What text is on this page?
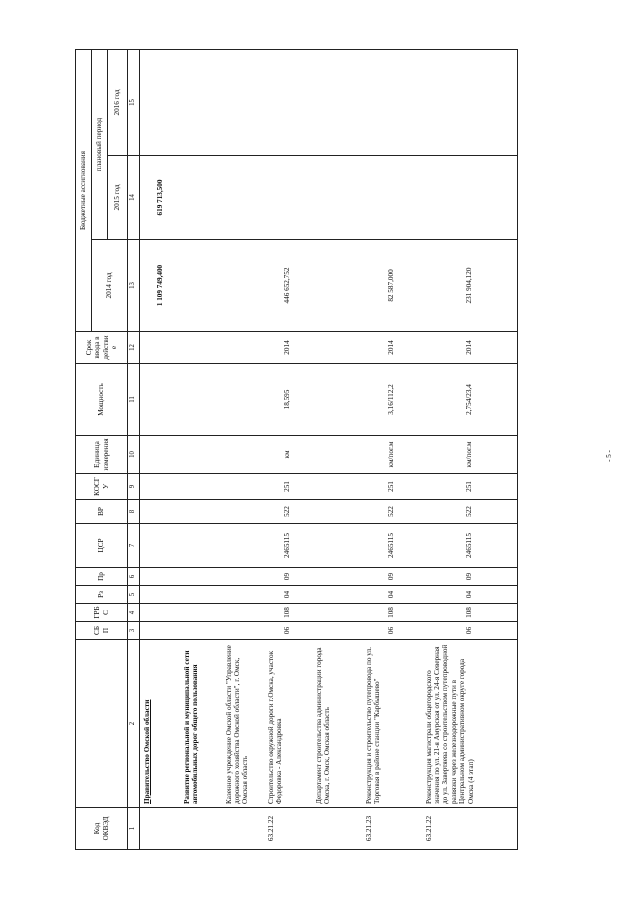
Код ОКВЭД		СБП	ГРБС	Рз	Пр	ЦСР	ВР	КОСГУ	Единица измерения	Мощность	Срок ввода в действие	Бюджетные ассигнования		
												2014 год	плановый период	
													2015 год	2016 год
1	2	3	4	5	6	7	8	9	10	11	12	13	14	15
	Правительство Омской области											1 109 749,400	619 713,500	
	Развитие региональной и муниципальной сети автомобильных дорог общего пользования													
	Казенное учреждение Омской области "Управление дорожного хозяйства Омской области", г. Омск, Омская область													
63.21.22	Строительство окружной дороги г.Омска, участок Федоровка - Александровка	06	108	04	09	2465115	522	251	км	18,595	2014	446 652,752		
	Департамент строительства администрации города Омска, г. Омск, Омская область													
63.21.23	Реконструкция и строительство путепровода по ул. Торговая в районе станции "Карбышево"	06	108	04	09	2465115	522	251	км/пог.м	3,16/112,2	2014	82 587,000		
63.21.22	Реконструкция магистрали общегородского значения по ул. 21-я Амурская от ул. 24-я Северная до ул. Завертяева со строительством путепроводной развязки через железнодорожные пути в Центральном административном округе города Омска (4 этап)	06	108	04	09	2465115	522	251	км/пог.м	2,754/23,4	2014	231 904,120		
- 5 -
